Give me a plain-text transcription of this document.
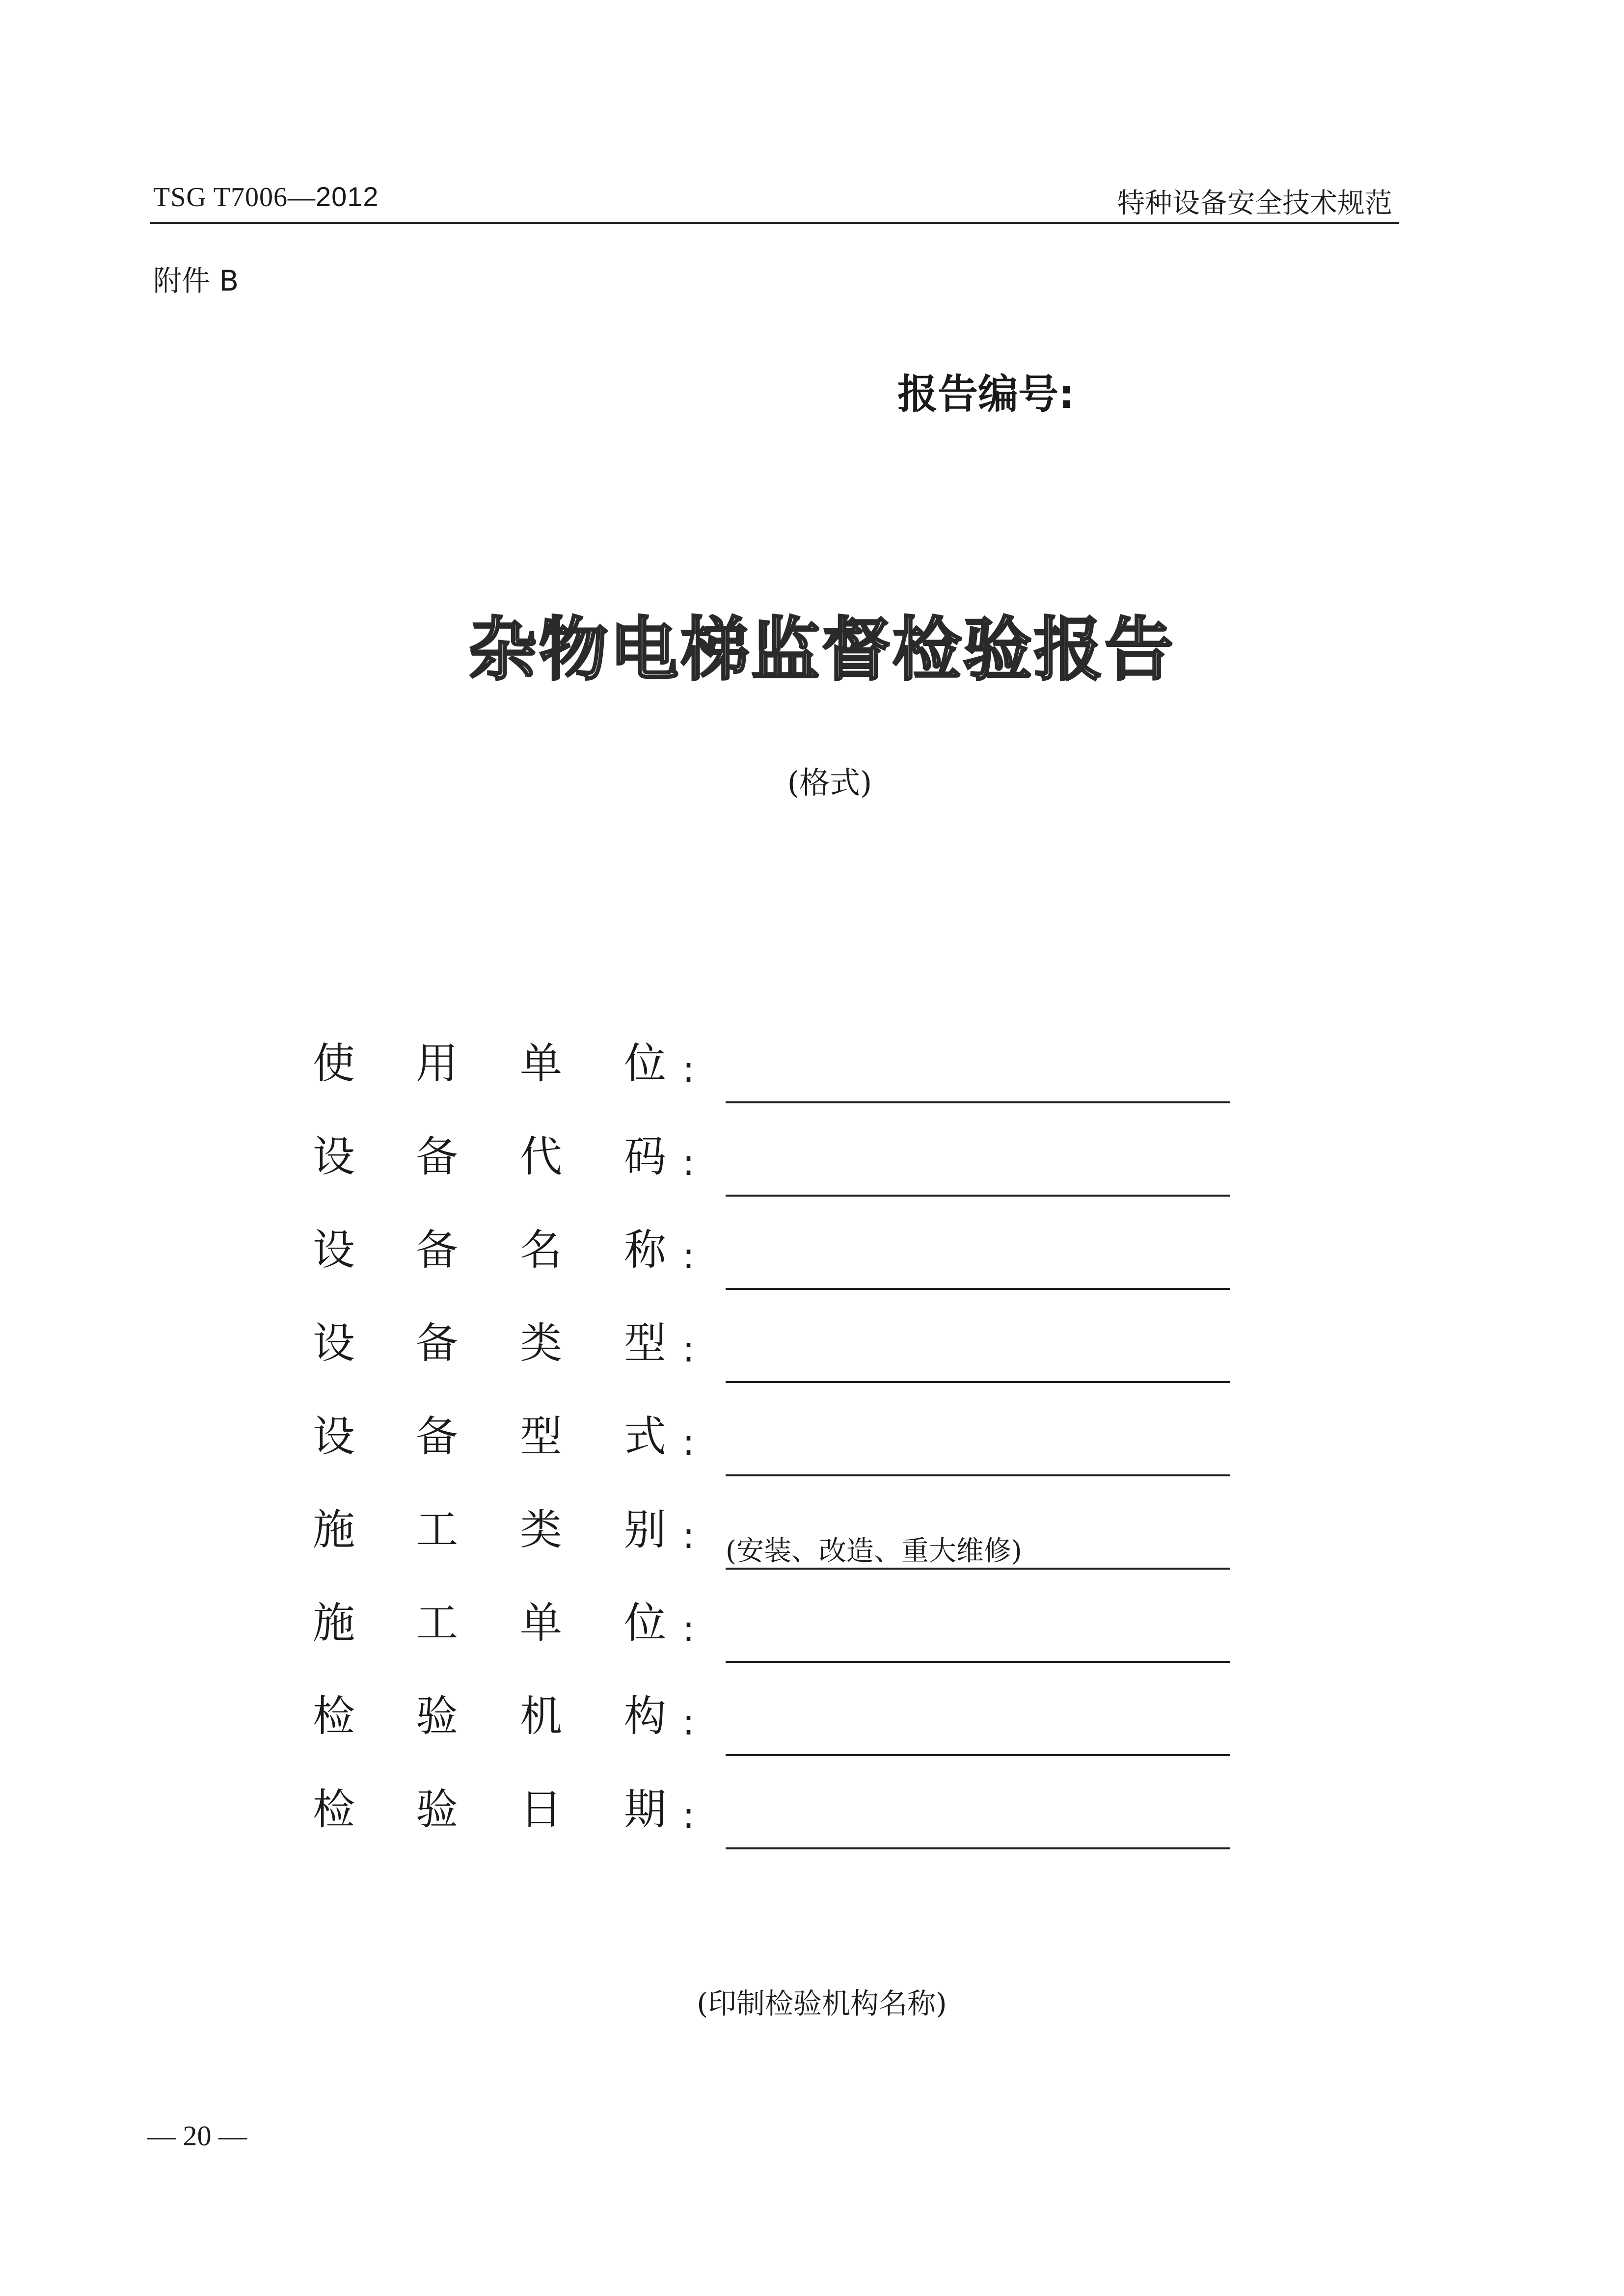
TSG T7006—2012	特种设备安全技术规范
附件 B
报告编号:
杂物电梯监督检验报告
(格式)
使 用 单 位 :
设 备 代 码 :
设 备 名 称 :
设 备 类 型 :
设 备 型 式 :
施 工 类 别 : (安装、改造、重大维修)
施 工 单 位 :
检 验 机 构 :
检 验 日 期 :
(印制检验机构名称)
— 20 —
